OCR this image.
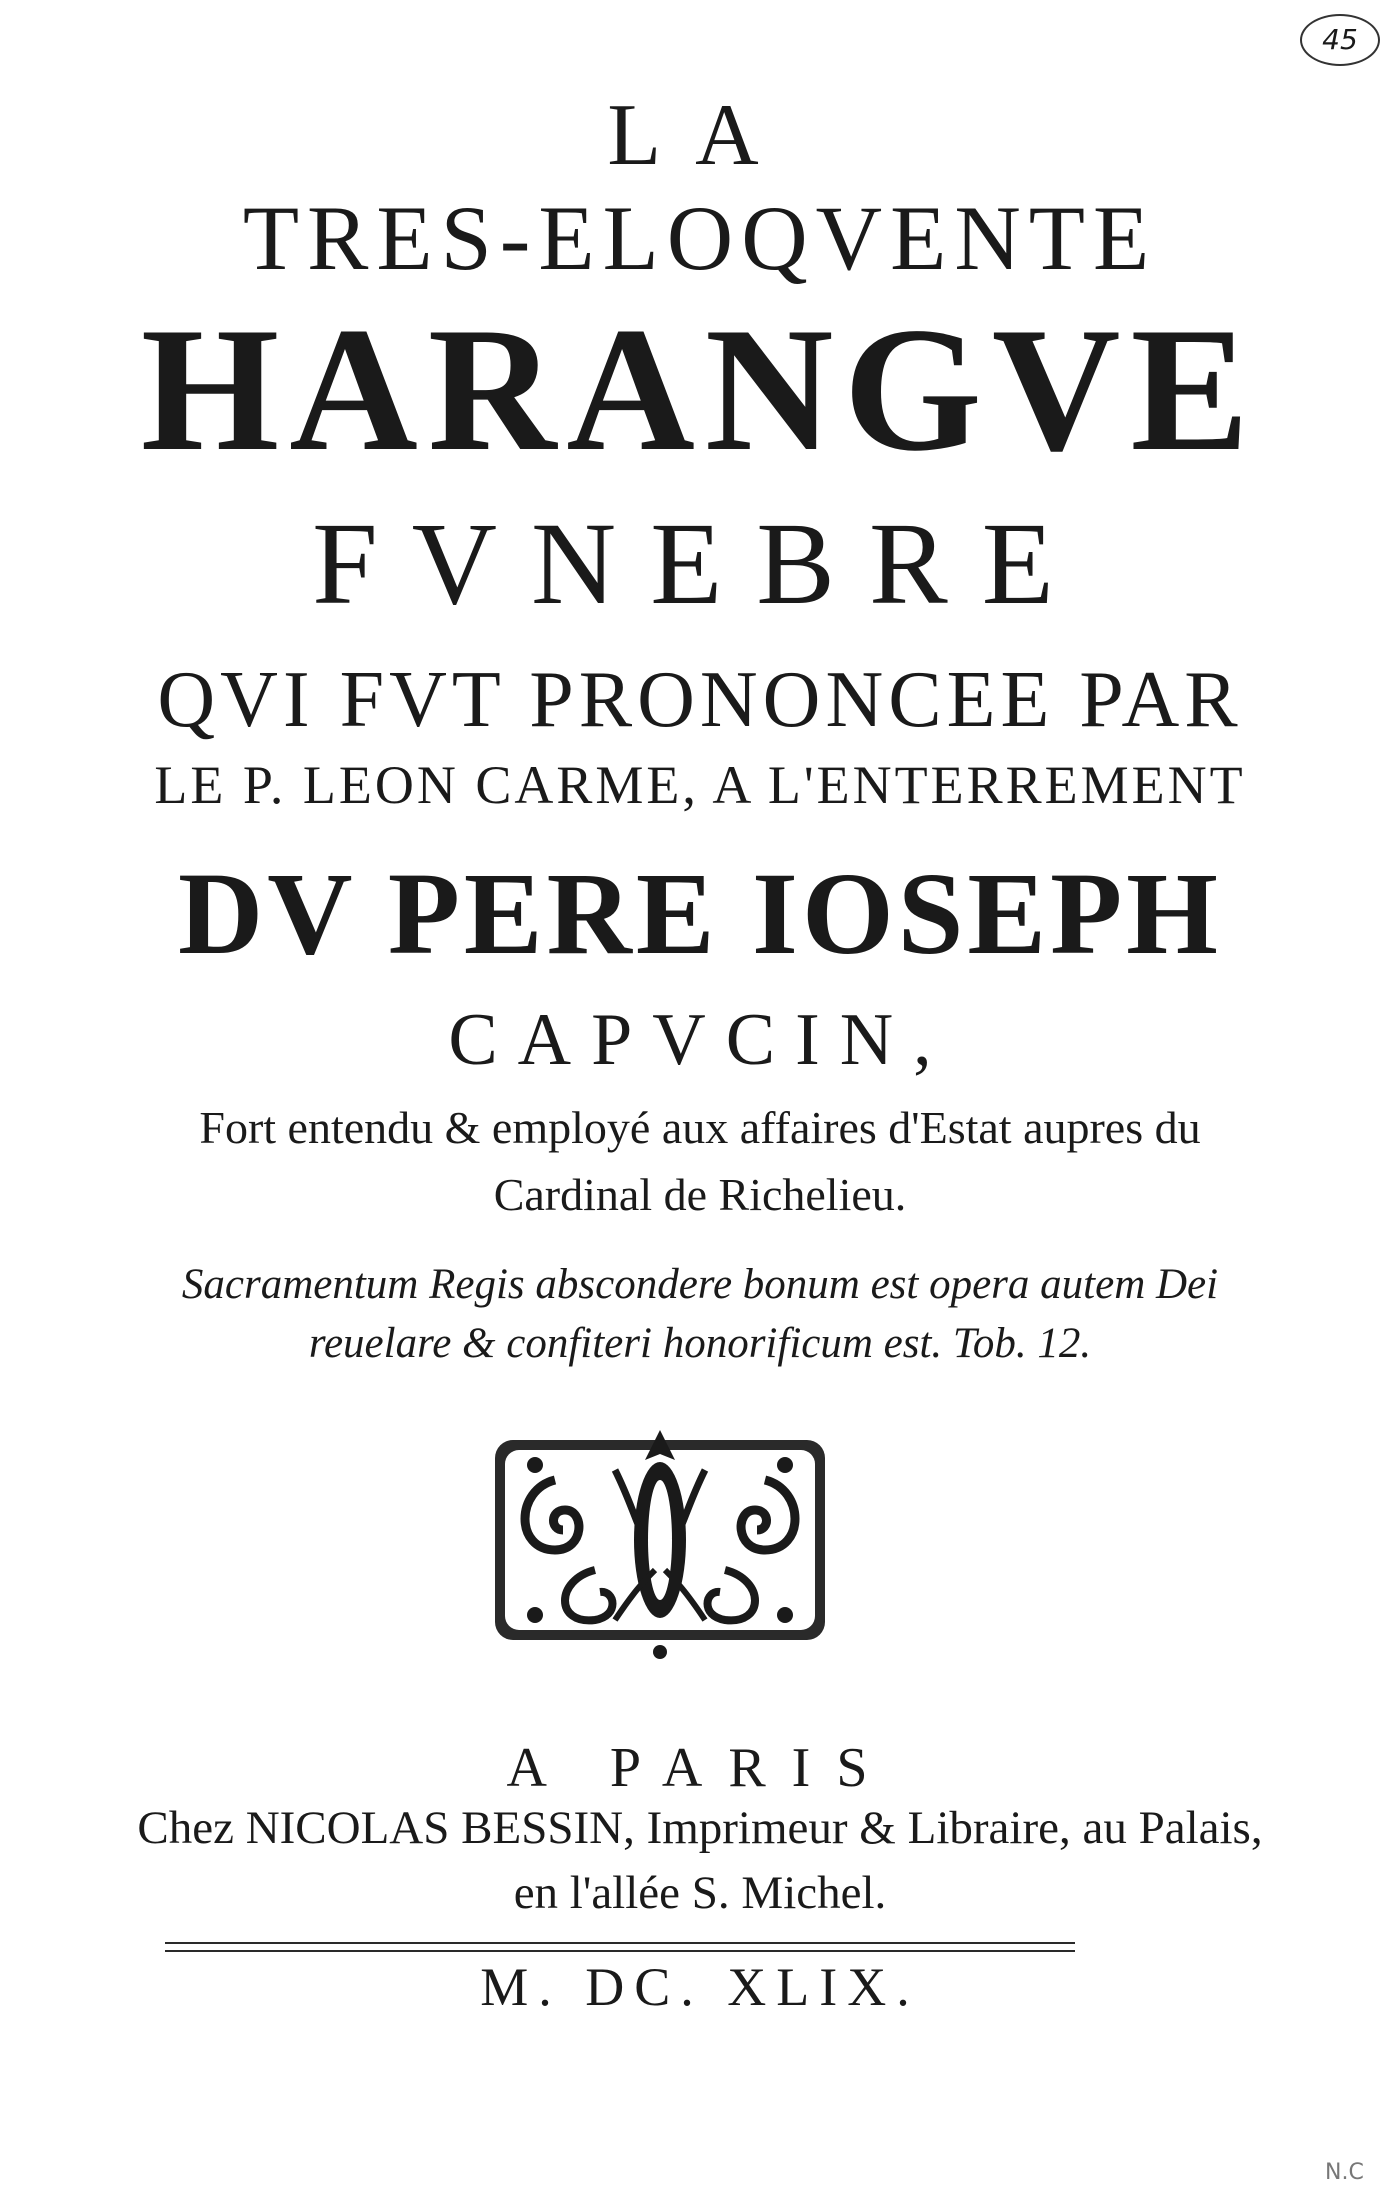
45
LA
TRES-ELOQVENTE
HARANGVE
FVNEBRE
QVI FVT PRONONCEE PAR
LE P. LEON CARME, A L'ENTERREMENT
DV PERE IOSEPH
CAPVCIN,
Fort entendu & employé aux affaires d'Estat aupres du
Cardinal de Richelieu.
Sacramentum Regis abscondere bonum est opera autem Dei
reuelare & confiteri honorificum est. Tob. 12.
A PARIS
Chez NICOLAS BESSIN, Imprimeur & Libraire, au Palais,
en l'allée S. Michel.
M. DC. XLIX.
N.C
